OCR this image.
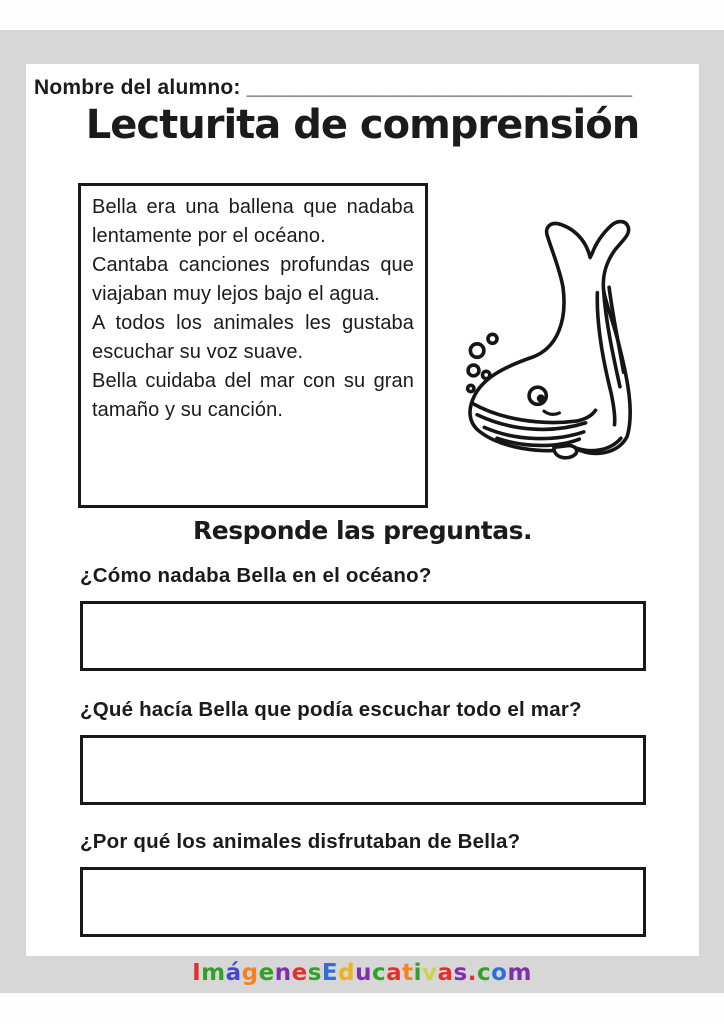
Nombre del alumno: _________________________________
Lecturita de comprensión

Bella era una ballena que nadaba lentamente por el océano.

Cantaba canciones profundas que viajaban muy lejos bajo el agua.

A todos los animales les gustaba escuchar su voz suave.

Bella cuidaba del mar con su gran tamaño y su canción.

Responde las preguntas.
¿Cómo nadaba Bella en el océano?
¿Qué hacía Bella que podía escuchar todo el mar?
¿Por qué los animales disfrutaban de Bella?
ImágenesEducativas.com
